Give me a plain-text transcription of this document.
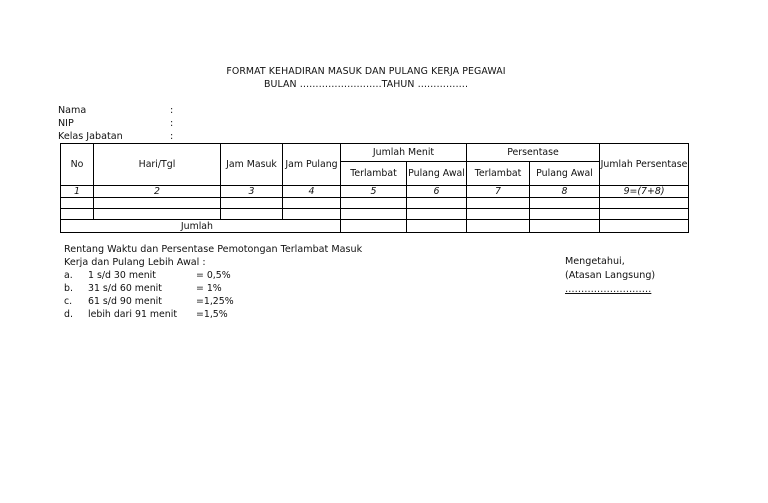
FORMAT KEHADIRAN MASUK DAN PULANG KERJA PEGAWAI
BULAN ……………………..TAHUN …………….
Nama	:
NIP	:
Kelas Jabatan	:
No	Hari/Tgl	Jam Masuk	Jam Pulang	Jumlah Menit		Persentase		Jumlah Persentase
				Terlambat	Pulang Awal	Terlambat	Pulang Awal	
1	2	3	4	5	6	7	8	9=(7+8)

Jumlah								
Rentang Waktu dan Persentase Pemotongan Terlambat Masuk
Kerja dan Pulang Lebih Awal :
a. 1 s/d 30 menit	= 0,5%
b. 31 s/d 60 menit	= 1%
c. 61 s/d 90 menit	=1,25%
d. lebih dari 91 menit =1,5%
Mengetahui,
(Atasan Langsung)
………………………
